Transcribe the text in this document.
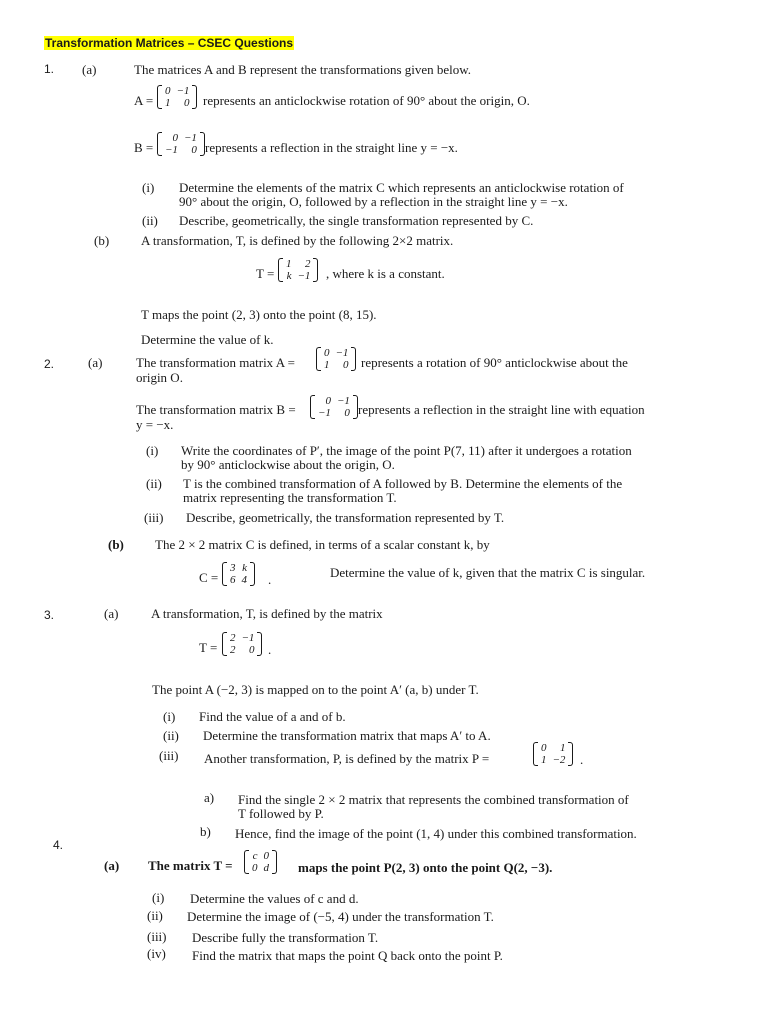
Transformation Matrices – CSEC Questions
1. (a)	The matrices A and B represent the transformations given below.
A =
0	−1
1	0 represents an anticlockwise rotation of 90° about the origin, O.
B =
0	−1
−1	0 represents a reflection in the straight line y = −x.
(i) Determine the elements of the matrix C which represents an anticlockwise rotation of
90° about the origin, O, followed by a reflection in the straight line y = −x.
(ii) Describe, geometrically, the single transformation represented by C.
(b) A transformation, T, is defined by the following 2×2 matrix.
T =
1	2
k	−1 , where k is a constant.
T maps the point (2, 3) onto the point (8, 15).
Determine the value of k.
2.	(a)	The transformation matrix A =
0	−1
1	0 represents a rotation of 90° anticlockwise about the
origin O.
The transformation matrix B =
0	−1
−1	0 represents a reflection in the straight line with equation
y = −x.
(i) Write the coordinates of P′, the image of the point P(7, 11) after it undergoes a rotation
by 90° anticlockwise about the origin, O.
(ii) T is the combined transformation of A followed by B. Determine the elements of the
matrix representing the transformation T.
(iii) Describe, geometrically, the transformation represented by T.
(b) The 2 × 2 matrix C is defined, in terms of a scalar constant k, by
C =
3	k
6	4 .	Determine the value of k, given that the matrix C is singular.
3.	(a)	A transformation, T, is defined by the matrix
T =
2	−1
2	0 .
The point A (−2, 3) is mapped on to the point A′ (a, b) under T.
(i) Find the value of a and of b.
(ii) Determine the transformation matrix that maps A′ to A.
(iii) Another transformation, P, is defined by the matrix P =
0	1
1	−2 .
a) Find the single 2 × 2 matrix that represents the combined transformation of
T followed by P.
b) Hence, find the image of the point (1, 4) under this combined transformation.
4.
(a) The matrix T =
c	0
0	d maps the point P(2, 3) onto the point Q(2, −3).
(i) Determine the values of c and d.
(ii) Determine the image of (−5, 4) under the transformation T.
(iii) Describe fully the transformation T.
(iv) Find the matrix that maps the point Q back onto the point P.
